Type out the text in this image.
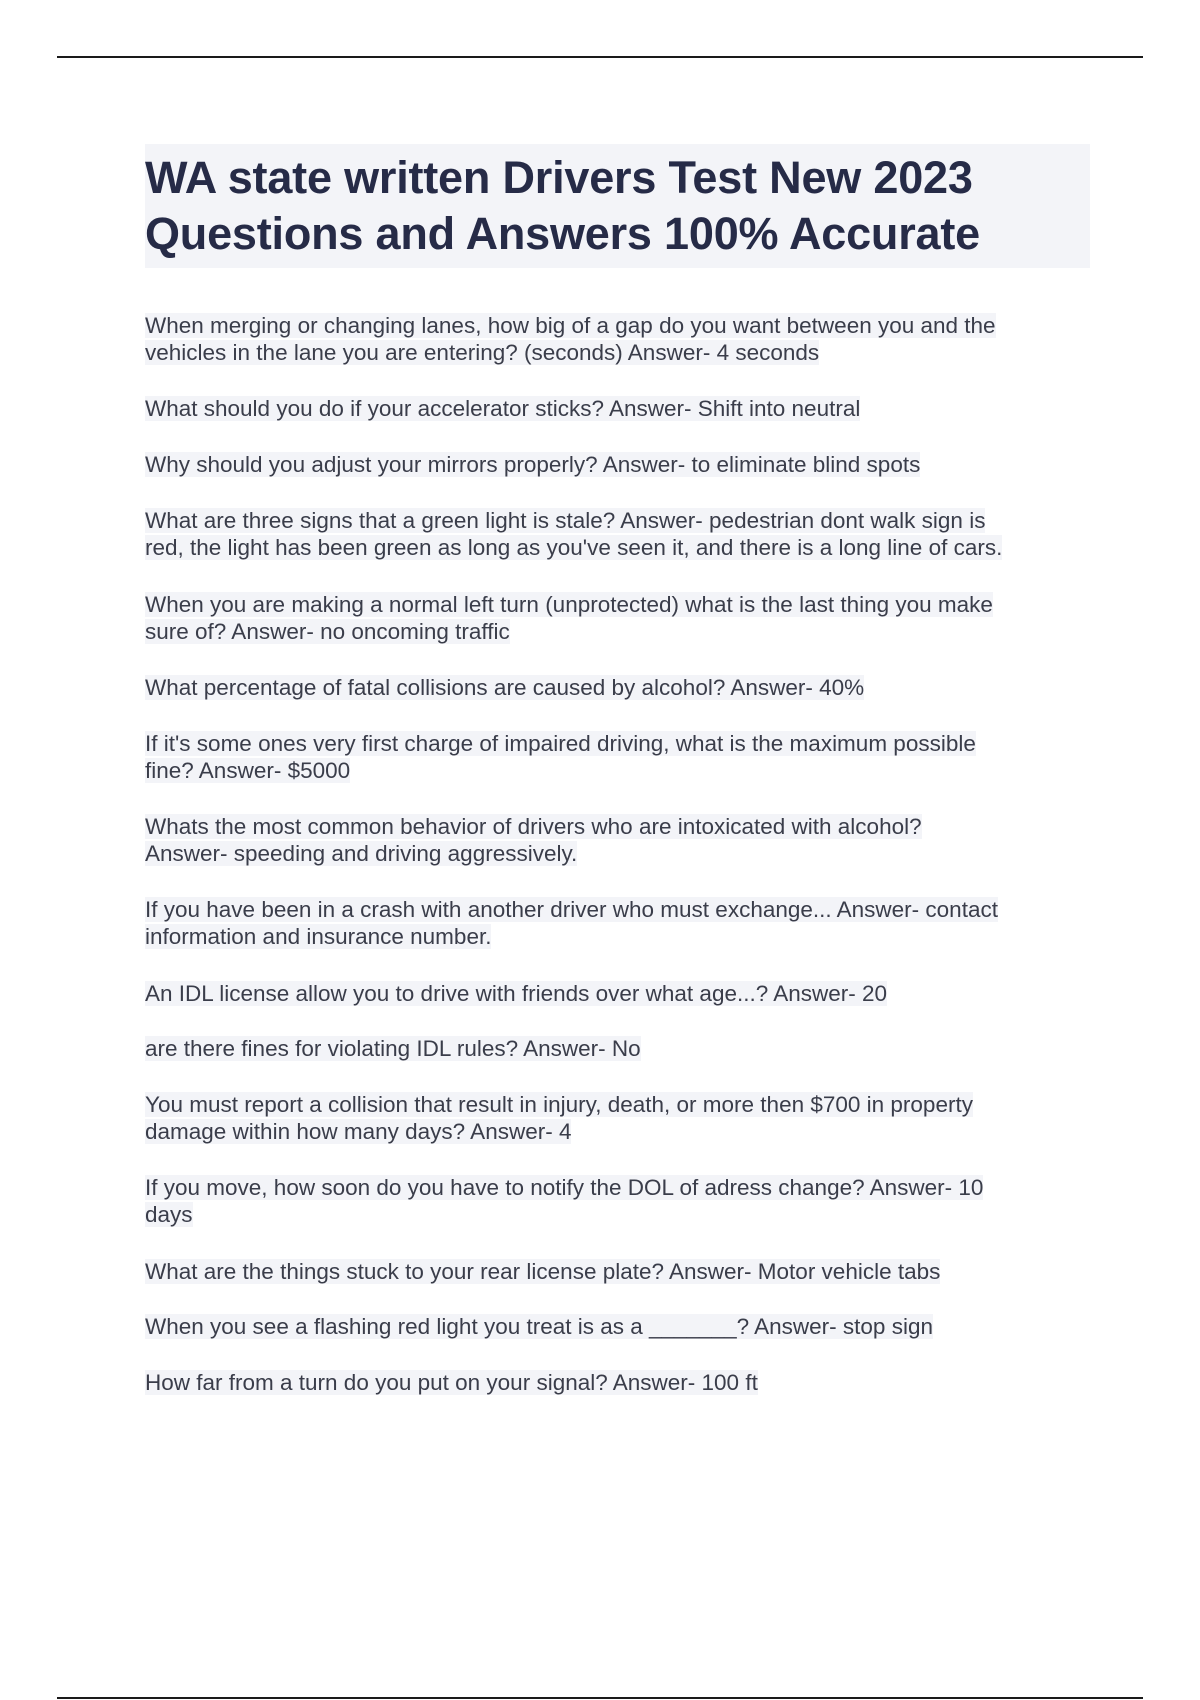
WA state written Drivers Test New 2023
Questions and Answers 100% Accurate
When merging or changing lanes, how big of a gap do you want between you and the
vehicles in the lane you are entering? (seconds) Answer- 4 seconds
What should you do if your accelerator sticks? Answer- Shift into neutral
Why should you adjust your mirrors properly? Answer- to eliminate blind spots
What are three signs that a green light is stale? Answer- pedestrian dont walk sign is
red, the light has been green as long as you've seen it, and there is a long line of cars.
When you are making a normal left turn (unprotected) what is the last thing you make
sure of? Answer- no oncoming traffic
What percentage of fatal collisions are caused by alcohol? Answer- 40%
If it's some ones very first charge of impaired driving, what is the maximum possible
fine? Answer- $5000
Whats the most common behavior of drivers who are intoxicated with alcohol?
Answer- speeding and driving aggressively.
If you have been in a crash with another driver who must exchange... Answer- contact
information and insurance number.
An IDL license allow you to drive with friends over what age...? Answer- 20
are there fines for violating IDL rules? Answer- No
You must report a collision that result in injury, death, or more then $700 in property
damage within how many days? Answer- 4
If you move, how soon do you have to notify the DOL of adress change? Answer- 10
days
What are the things stuck to your rear license plate? Answer- Motor vehicle tabs
When you see a flashing red light you treat is as a _______? Answer- stop sign
How far from a turn do you put on your signal? Answer- 100 ft
